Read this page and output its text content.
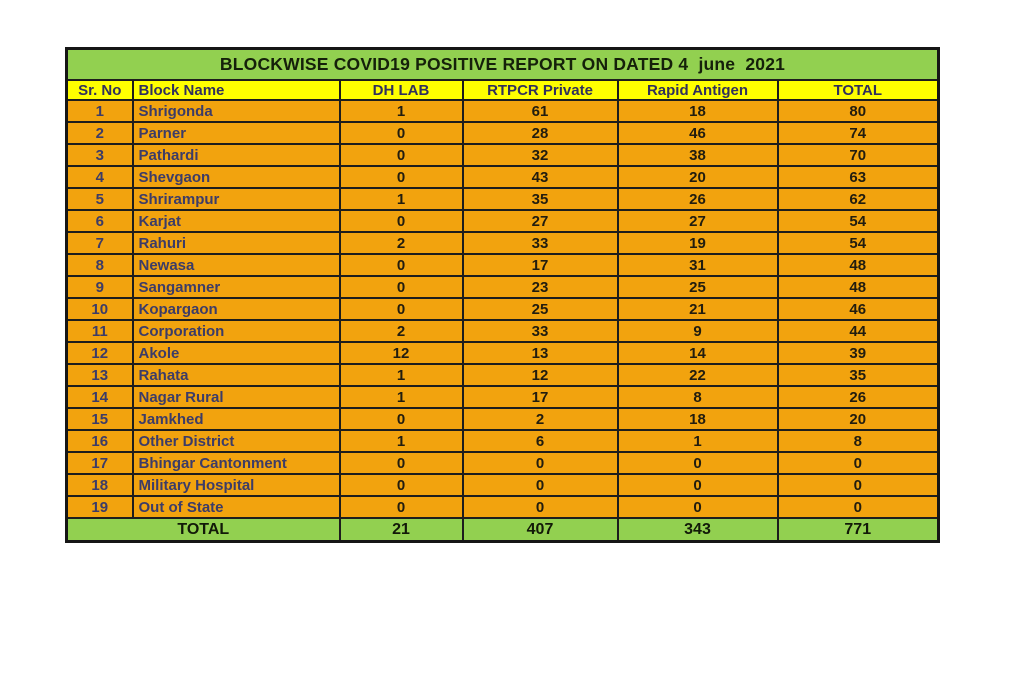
BLOCKWISE COVID19 POSITIVE REPORT ON DATED 4  june  2021					
Sr. No	Block Name	DH LAB	RTPCR Private	Rapid Antigen	TOTAL
1	Shrigonda	1	61	18	80
2	Parner	0	28	46	74
3	Pathardi	0	32	38	70
4	Shevgaon	0	43	20	63
5	Shrirampur	1	35	26	62
6	Karjat	0	27	27	54
7	Rahuri	2	33	19	54
8	Newasa	0	17	31	48
9	Sangamner	0	23	25	48
10	Kopargaon	0	25	21	46
11	Corporation	2	33	9	44
12	Akole	12	13	14	39
13	Rahata	1	12	22	35
14	Nagar Rural	1	17	8	26
15	Jamkhed	0	2	18	20
16	Other District	1	6	1	8
17	Bhingar Cantonment	0	0	0	0
18	Military Hospital	0	0	0	0
19	Out of State	0	0	0	0
TOTAL		21	407	343	771
